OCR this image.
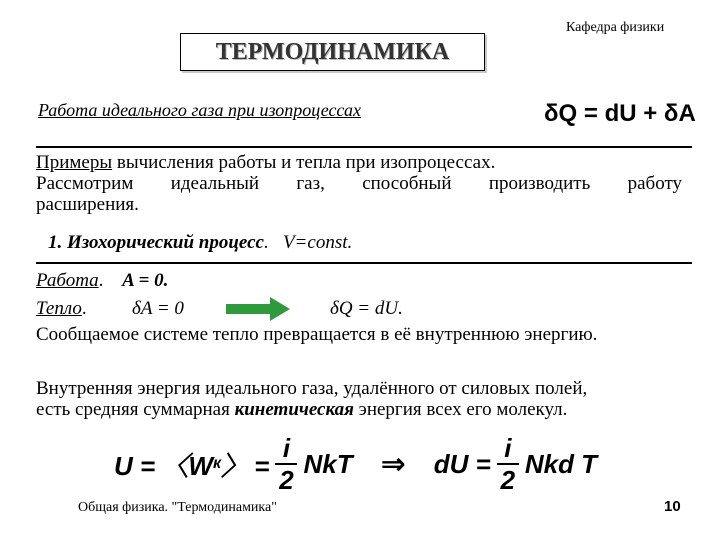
Кафедра физики
ТЕРМОДИНАМИКА
Работа идеального газа при изопроцессах	δQ = dU + δA
Примеры вычисления работы и тепла при изопроцессах.
Рассмотрим идеальный газ, способный производить работу
расширения.
1. Изохорический процесс.   V=const.
Работа. A = 0.
Тепло. δA = 0	δQ = dU.
Сообщаемое системе тепло превращается в её внутреннюю энергию.
Внутренняя энергия идеального газа, удалённого от силовых полей,
есть средняя суммарная кинетическая энергия всех его молекул.
U = 〈W к 〉 = $\frac{i}{2}$ NkT ⇒ dU = $\frac{i}{2}$ Nkd T
Общая физика. "Термодинамика"	10
